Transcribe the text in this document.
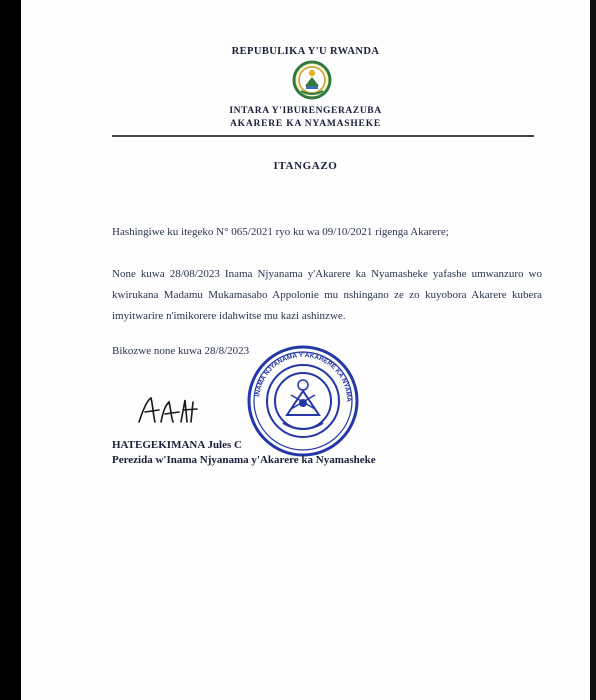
REPUBULIKA Y'U RWANDA
INTARA Y'IBURENGERAZUBA
AKARERE KA NYAMASHEKE
ITANGAZO
Hashingiwe ku itegeko N° 065/2021 ryo ku wa 09/10/2021 rigenga Akarere;
None kuwa 28/08/2023 Inama Njyanama y'Akarere ka Nyamasheke yafashe umwanzuro wo kwirukana Madamu Mukamasabo Appolonie mu nshingano ze zo kuyobora Akarere kubera imyitwarire n'imikorere idahwitse mu kazi ashinzwe.
Bikozwe none kuwa 28/8/2023
INAMA NJYANAMA Y'AKARERE KA NYAMA
HATEGEKIMANA Jules C
Perezida w'Inama Njyanama y'Akarere ka Nyamasheke
